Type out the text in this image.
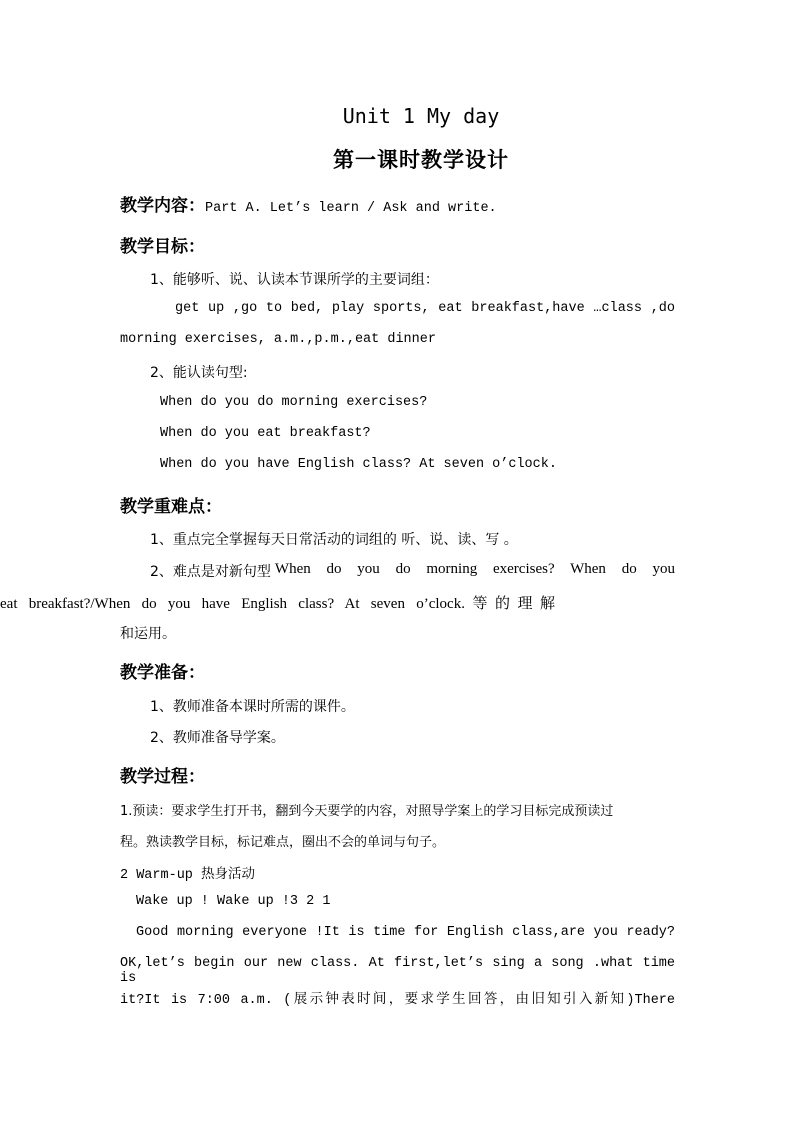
Unit 1 My day
第一课时教学设计
教学内容：Part A. Let’s learn / Ask and write.
教学目标：
1、能够听、说、认读本节课所学的主要词组：
get up ,go to bed, play sports, eat breakfast,have …class ,do
morning exercises, a.m.,p.m.,eat dinner
2、能认读句型:
When do you do morning exercises?
When do you eat breakfast?
When do you have English class? At seven o’clock.
教学重难点：
1、重点完全掌握每天日常活动的词组的 听、说、读、写 。
2、难点是对新句型 When do you do morning exercises? When do you
eat breakfast?/When do you have English class? At seven o’clock.等的理解
和运用。
教学准备：
1、教师准备本课时所需的课件。
2、教师准备导学案。
教学过程：
1.预读：要求学生打开书，翻到今天要学的内容，对照导学案上的学习目标完成预读过
程。熟读教学目标，标记难点，圈出不会的单词与句子。
2 Warm-up 热身活动
Wake up ! Wake up !3 2 1
Good morning everyone !It is time for English class,are you ready?
OK,let’s begin our new class. At first,let’s sing a song .what time is
it?It is 7:00 a.m. (展示钟表时间，要求学生回答，由旧知引入新知)There
